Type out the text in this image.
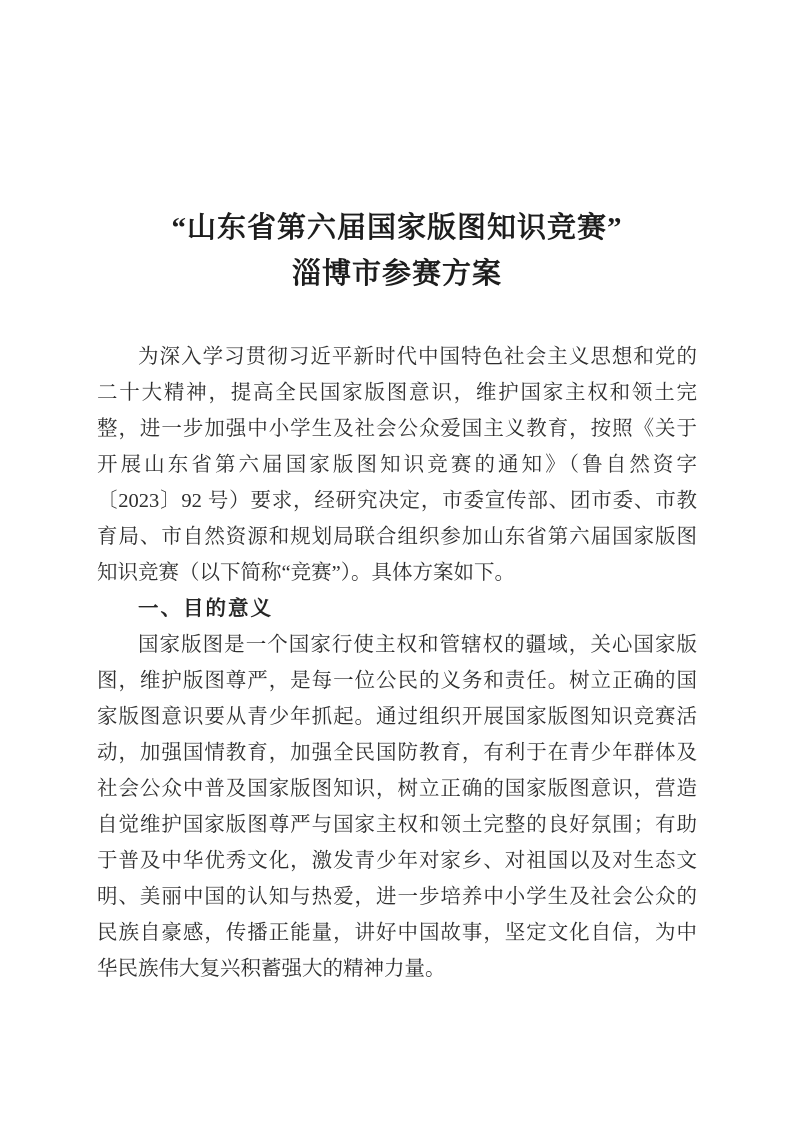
“山东省第六届国家版图知识竞赛”
淄博市参赛方案
为深入学习贯彻习近平新时代中国特色社会主义思想和党的
二十大精神，提高全民国家版图意识，维护国家主权和领土完
整，进一步加强中小学生及社会公众爱国主义教育，按照《关于
开展山东省第六届国家版图知识竞赛的通知》（鲁自然资字
〔2023〕92 号）要求，经研究决定，市委宣传部、团市委、市教
育局、市自然资源和规划局联合组织参加山东省第六届国家版图
知识竞赛（以下简称“竞赛”）。具体方案如下。
一、目的意义
国家版图是一个国家行使主权和管辖权的疆域，关心国家版
图，维护版图尊严，是每一位公民的义务和责任。树立正确的国
家版图意识要从青少年抓起。通过组织开展国家版图知识竞赛活
动，加强国情教育，加强全民国防教育，有利于在青少年群体及
社会公众中普及国家版图知识，树立正确的国家版图意识，营造
自觉维护国家版图尊严与国家主权和领土完整的良好氛围；有助
于普及中华优秀文化，激发青少年对家乡、对祖国以及对生态文
明、美丽中国的认知与热爱，进一步培养中小学生及社会公众的
民族自豪感，传播正能量，讲好中国故事，坚定文化自信，为中
华民族伟大复兴积蓄强大的精神力量。
